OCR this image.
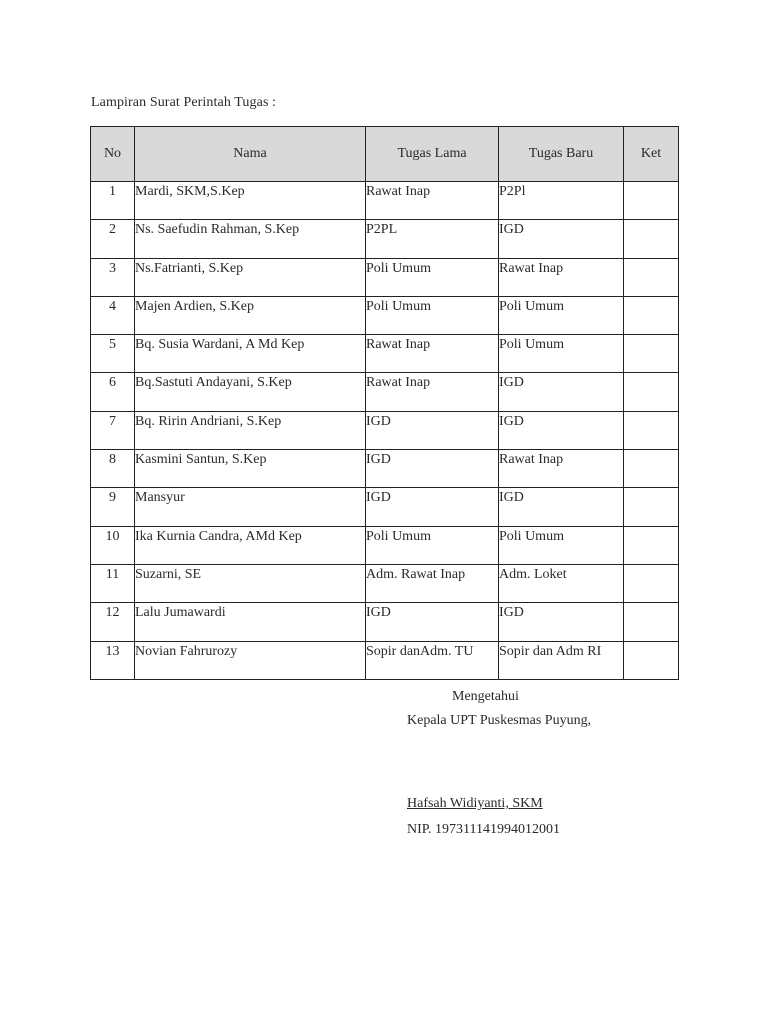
Lampiran Surat Perintah Tugas :
No	Nama	Tugas Lama	Tugas Baru	Ket
1	Mardi, SKM,S.Kep	Rawat Inap	P2Pl	
2	Ns. Saefudin Rahman, S.Kep	P2PL	IGD	
3	Ns.Fatrianti, S.Kep	Poli Umum	Rawat Inap	
4	Majen Ardien, S.Kep	Poli Umum	Poli Umum	
5	Bq. Susia Wardani, A Md Kep	Rawat Inap	Poli Umum	
6	Bq.Sastuti Andayani, S.Kep	Rawat Inap	IGD	
7	Bq. Ririn Andriani, S.Kep	IGD	IGD	
8	Kasmini Santun, S.Kep	IGD	Rawat Inap	
9	Mansyur	IGD	IGD	
10	Ika Kurnia Candra, AMd Kep	Poli Umum	Poli Umum	
11	Suzarni, SE	Adm. Rawat Inap	Adm. Loket	
12	Lalu Jumawardi	IGD	IGD	
13	Novian Fahrurozy	Sopir danAdm. TU	Sopir dan Adm RI	
Mengetahui
Kepala UPT Puskesmas Puyung,
Hafsah Widiyanti, SKM
NIP. 197311141994012001
